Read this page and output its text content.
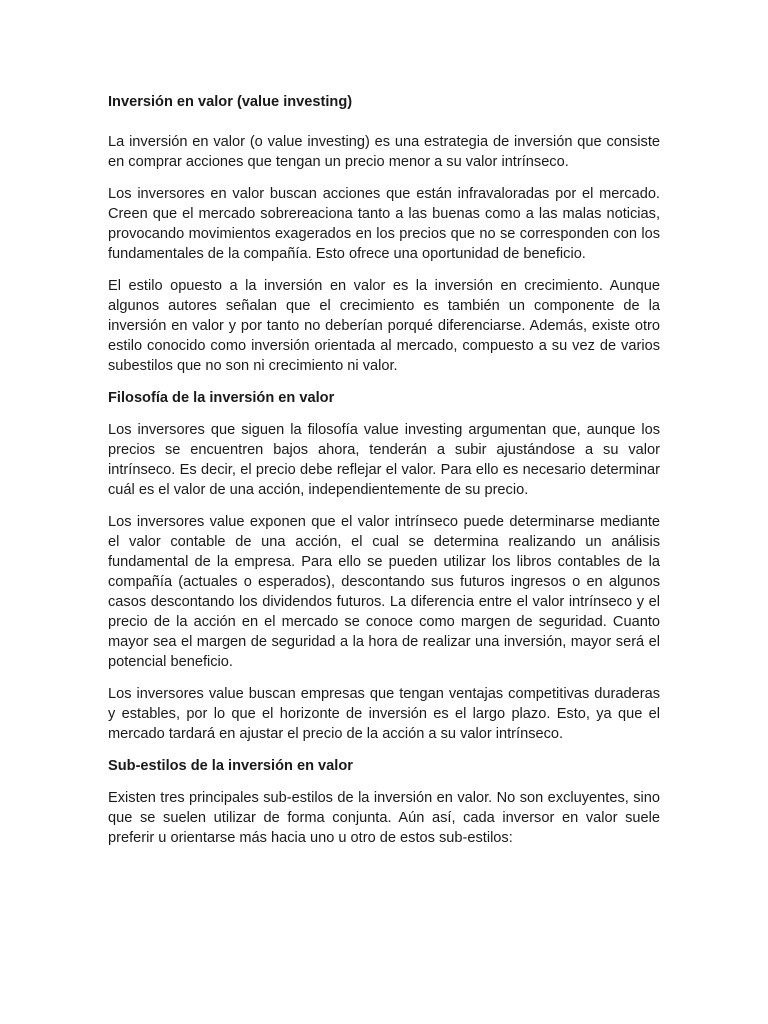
Inversión en valor (value investing)

La inversión en valor (o value investing) es una estrategia de inversión que consiste en comprar acciones que tengan un precio menor a su valor intrínseco.

Los inversores en valor buscan acciones que están infravaloradas por el mercado. Creen que el mercado sobrereaciona tanto a las buenas como a las malas noticias, provocando movimientos exagerados en los precios que no se corresponden con los fundamentales de la compañía. Esto ofrece una oportunidad de beneficio.

El estilo opuesto a la inversión en valor es la inversión en crecimiento. Aunque algunos autores señalan que el crecimiento es también un componente de la inversión en valor y por tanto no deberían porqué diferenciarse. Además, existe otro estilo conocido como inversión orientada al mercado, compuesto a su vez de varios subestilos que no son ni crecimiento ni valor.

Filosofía de la inversión en valor

Los inversores que siguen la filosofía value investing argumentan que, aunque los precios se encuentren bajos ahora, tenderán a subir ajustándose a su valor intrínseco. Es decir, el precio debe reflejar el valor. Para ello es necesario determinar cuál es el valor de una acción, independientemente de su precio.

Los inversores value exponen que el valor intrínseco puede determinarse mediante el valor contable de una acción, el cual se determina realizando un análisis fundamental de la empresa. Para ello se pueden utilizar los libros contables de la compañía (actuales o esperados), descontando sus futuros ingresos o en algunos casos descontando los dividendos futuros. La diferencia entre el valor intrínseco y el precio de la acción en el mercado se conoce como margen de seguridad. Cuanto mayor sea el margen de seguridad a la hora de realizar una inversión, mayor será el potencial beneficio.

Los inversores value buscan empresas que tengan ventajas competitivas duraderas y estables, por lo que el horizonte de inversión es el largo plazo. Esto, ya que el mercado tardará en ajustar el precio de la acción a su valor intrínseco.

Sub-estilos de la inversión en valor

Existen tres principales sub-estilos de la inversión en valor. No son excluyentes, sino que se suelen utilizar de forma conjunta. Aún así, cada inversor en valor suele preferir u orientarse más hacia uno u otro de estos sub-estilos:
